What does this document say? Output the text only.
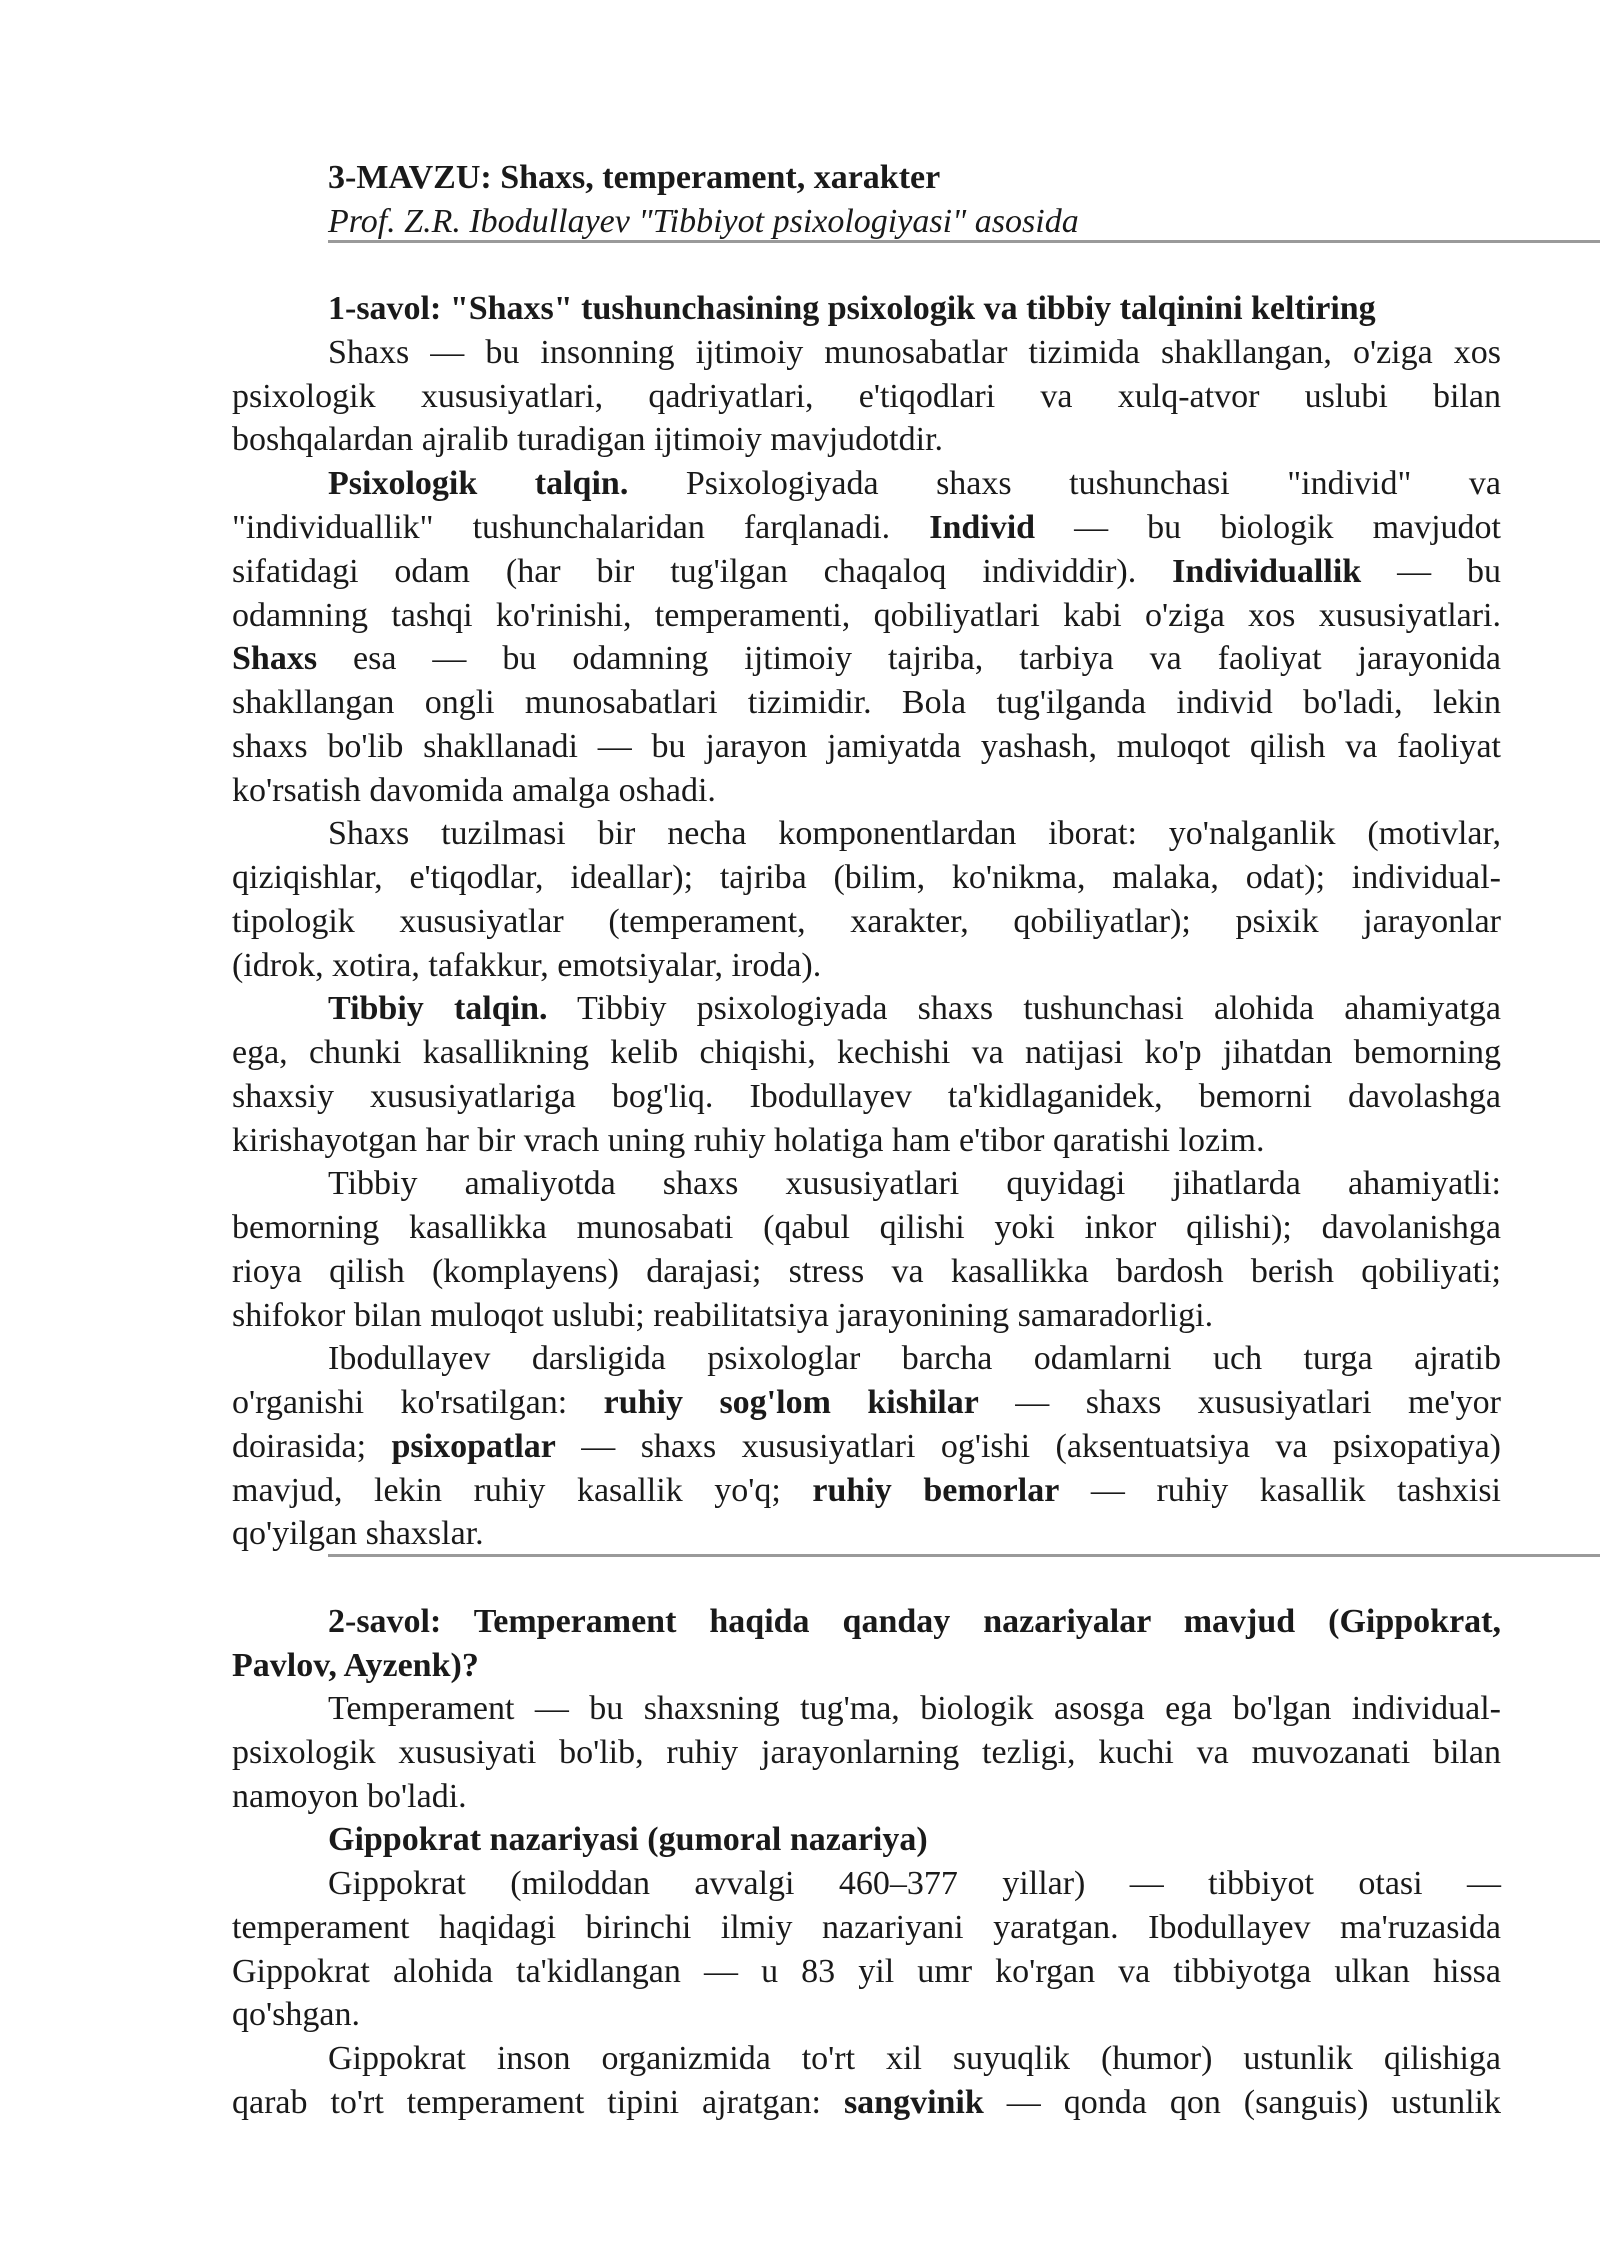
3-MAVZU: Shaxs, temperament, xarakter
Prof. Z.R. Ibodullayev "Tibbiyot psixologiyasi" asosida
1-savol: "Shaxs" tushunchasining psixologik va tibbiy talqinini keltiring
Shaxs — bu insonning ijtimoiy munosabatlar tizimida shakllangan, o'ziga xos
psixologik xususiyatlari, qadriyatlari, e'tiqodlari va xulq-atvor uslubi bilan
boshqalardan ajralib turadigan ijtimoiy mavjudotdir.
Psixologik talqin. Psixologiyada shaxs tushunchasi "individ" va
"individuallik" tushunchalaridan farqlanadi. Individ — bu biologik mavjudot
sifatidagi odam (har bir tug'ilgan chaqaloq individdir). Individuallik — bu
odamning tashqi ko'rinishi, temperamenti, qobiliyatlari kabi o'ziga xos xususiyatlari.
Shaxs esa — bu odamning ijtimoiy tajriba, tarbiya va faoliyat jarayonida
shakllangan ongli munosabatlari tizimidir. Bola tug'ilganda individ bo'ladi, lekin
shaxs bo'lib shakllanadi — bu jarayon jamiyatda yashash, muloqot qilish va faoliyat
ko'rsatish davomida amalga oshadi.
Shaxs tuzilmasi bir necha komponentlardan iborat: yo'nalganlik (motivlar,
qiziqishlar, e'tiqodlar, ideallar); tajriba (bilim, ko'nikma, malaka, odat); individual-
tipologik xususiyatlar (temperament, xarakter, qobiliyatlar); psixik jarayonlar
(idrok, xotira, tafakkur, emotsiyalar, iroda).
Tibbiy talqin. Tibbiy psixologiyada shaxs tushunchasi alohida ahamiyatga
ega, chunki kasallikning kelib chiqishi, kechishi va natijasi ko'p jihatdan bemorning
shaxsiy xususiyatlariga bog'liq. Ibodullayev ta'kidlaganidek, bemorni davolashga
kirishayotgan har bir vrach uning ruhiy holatiga ham e'tibor qaratishi lozim.
Tibbiy amaliyotda shaxs xususiyatlari quyidagi jihatlarda ahamiyatli:
bemorning kasallikka munosabati (qabul qilishi yoki inkor qilishi); davolanishga
rioya qilish (komplayens) darajasi; stress va kasallikka bardosh berish qobiliyati;
shifokor bilan muloqot uslubi; reabilitatsiya jarayonining samaradorligi.
Ibodullayev darsligida psixologlar barcha odamlarni uch turga ajratib
o'rganishi ko'rsatilgan: ruhiy sog'lom kishilar — shaxs xususiyatlari me'yor
doirasida; psixopatlar — shaxs xususiyatlari og'ishi (aksentuatsiya va psixopatiya)
mavjud, lekin ruhiy kasallik yo'q; ruhiy bemorlar — ruhiy kasallik tashxisi
qo'yilgan shaxslar.
2-savol: Temperament haqida qanday nazariyalar mavjud (Gippokrat,
Pavlov, Ayzenk)?
Temperament — bu shaxsning tug'ma, biologik asosga ega bo'lgan individual-
psixologik xususiyati bo'lib, ruhiy jarayonlarning tezligi, kuchi va muvozanati bilan
namoyon bo'ladi.
Gippokrat nazariyasi (gumoral nazariya)
Gippokrat (miloddan avvalgi 460–377 yillar) — tibbiyot otasi —
temperament haqidagi birinchi ilmiy nazariyani yaratgan. Ibodullayev ma'ruzasida
Gippokrat alohida ta'kidlangan — u 83 yil umr ko'rgan va tibbiyotga ulkan hissa
qo'shgan.
Gippokrat inson organizmida to'rt xil suyuqlik (humor) ustunlik qilishiga
qarab to'rt temperament tipini ajratgan: sangvinik — qonda qon (sanguis) ustunlik
